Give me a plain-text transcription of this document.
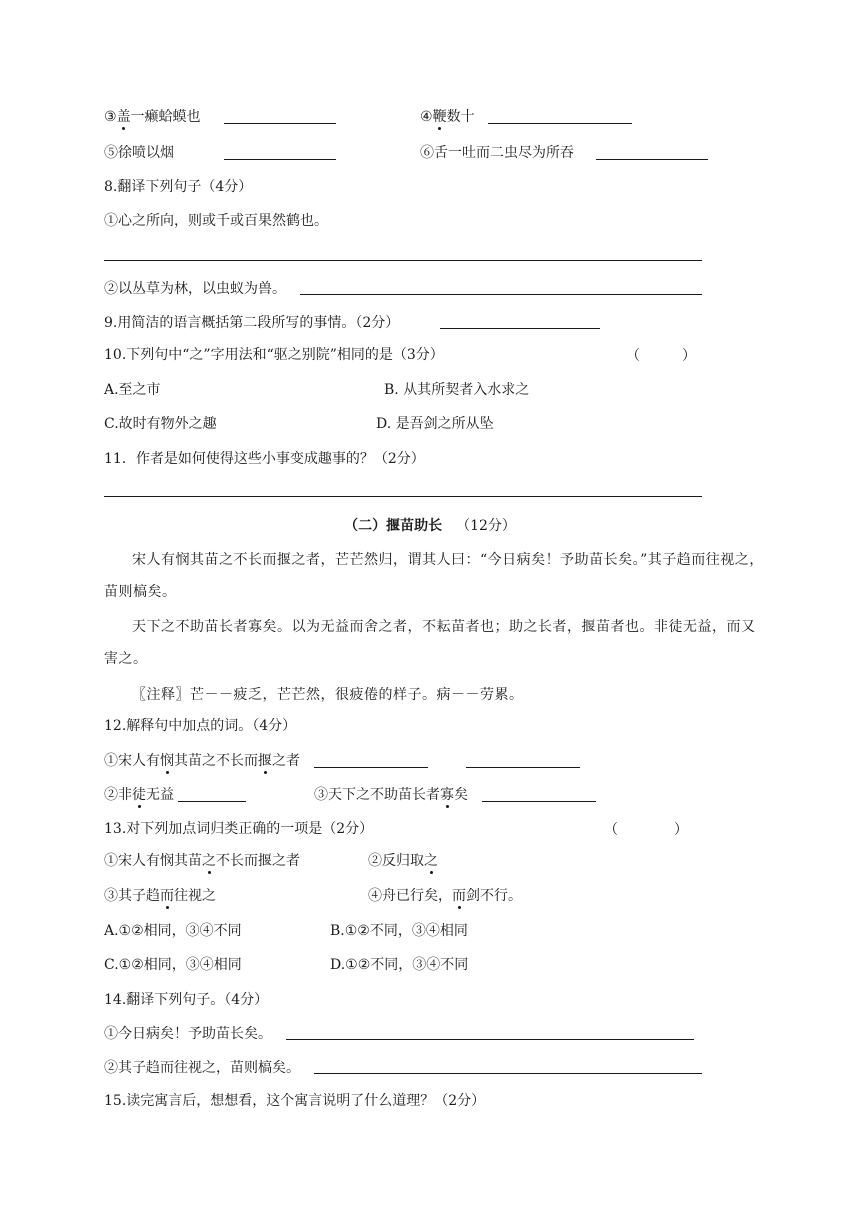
③盖一癞蛤蟆也	④鞭数十
⑤徐喷以烟	⑥舌一吐而二虫尽为所吞
8.翻译下列句子（4分）
①心之所向，则或千或百果然鹤也。
②以丛草为林，以虫蚁为兽。
9.用简洁的语言概括第二段所写的事情。（2分）
10.下列句中“之”字用法和“驱之别院”相同的是（3分）	（　　　）
A.至之市	B. 从其所契者入水求之
C.故时有物外之趣	D. 是吾剑之所从坠
11．作者是如何使得这些小事变成趣事的？（2分）
（二）揠苗助长 （12分）
宋人有悯其苗之不长而揠之者，芒芒然归，谓其人曰：“今日病矣！予助苗长矣。”其子趋而往视之，苗则槁矣。
天下之不助苗长者寡矣。以为无益而舍之者，不耘苗者也；助之长者，揠苗者也。非徒无益，而又害之。
〖注释〗芒－－疲乏，芒芒然，很疲倦的样子。病－－劳累。
12.解释句中加点的词。（4分）
①宋人有悯其苗之不长而揠之者
②非徒无益	③天下之不助苗长者寡矣
13.对下列加点词归类正确的一项是（2分）	（　　　　）
①宋人有悯其苗之不长而揠之者	②反归取之
③其子趋而往视之	④舟已行矣，而剑不行。
A.①②相同，③④不同	B.①②不同，③④相同
C.①②相同，③④相同	D.①②不同，③④不同
14.翻译下列句子。（4分）
①今日病矣！予助苗长矣。
②其子趋而往视之，苗则槁矣。
15.读完寓言后，想想看，这个寓言说明了什么道理？（2分）
